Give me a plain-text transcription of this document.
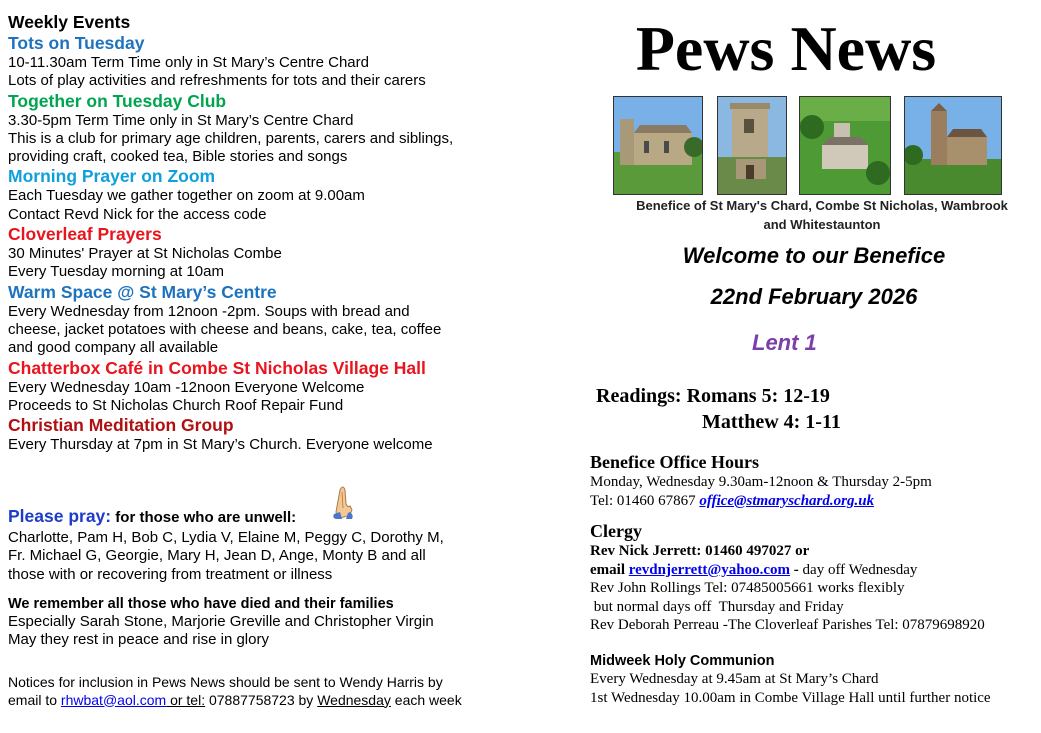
Weekly Events
Tots on Tuesday
10-11.30am Term Time only in St Mary’s Centre Chard
Lots of play activities and refreshments for tots and their carers
Together on Tuesday Club
3.30-5pm Term Time only in St Mary’s Centre Chard
This is a club for primary age children, parents, carers and siblings,
providing craft, cooked tea, Bible stories and songs
Morning Prayer on Zoom
Each Tuesday we gather together on zoom at 9.00am
Contact Revd Nick for the access code
Cloverleaf Prayers
30 Minutes' Prayer at St Nicholas Combe
Every Tuesday morning at 10am
Warm Space @ St Mary’s Centre
Every Wednesday from 12noon -2pm. Soups with bread and
cheese, jacket potatoes with cheese and beans, cake, tea, coffee
and good company all available
Chatterbox Café in Combe St Nicholas Village Hall
Every Wednesday 10am -12noon Everyone Welcome
Proceeds to St Nicholas Church Roof Repair Fund
Christian Meditation Group
Every Thursday at 7pm in St Mary’s Church. Everyone welcome
Please pray: for those who are unwell:
Charlotte, Pam H, Bob C, Lydia V, Elaine M, Peggy C, Dorothy M,
Fr. Michael G, Georgie, Mary H, Jean D, Ange, Monty B and all
those with or recovering from treatment or illness
We remember all those who have died and their families
Especially Sarah Stone, Marjorie Greville and Christopher Virgin
May they rest in peace and rise in glory
Notices for inclusion in Pews News should be sent to Wendy Harris by
email to rhwbat@aol.com or tel: 07887758723 by Wednesday each week
Pews News
Benefice of St Mary's Chard, Combe St Nicholas, Wambrook
and Whitestaunton
Welcome to our Benefice
22nd February 2026
Lent 1
Readings: Romans 5: 12-19
Matthew 4: 1-11
Benefice Office Hours
Monday, Wednesday 9.30am-12noon & Thursday 2-5pm
Tel: 01460 67867 office@stmaryschard.org.uk
Clergy
Rev Nick Jerrett: 01460 497027 or
email revdnjerrett@yahoo.com - day off Wednesday
Rev John Rollings Tel: 07485005661 works flexibly
but normal days off  Thursday and Friday
Rev Deborah Perreau -The Cloverleaf Parishes Tel: 07879698920
Midweek Holy Communion
Every Wednesday at 9.45am at St Mary’s Chard
1st Wednesday 10.00am in Combe Village Hall until further notice
